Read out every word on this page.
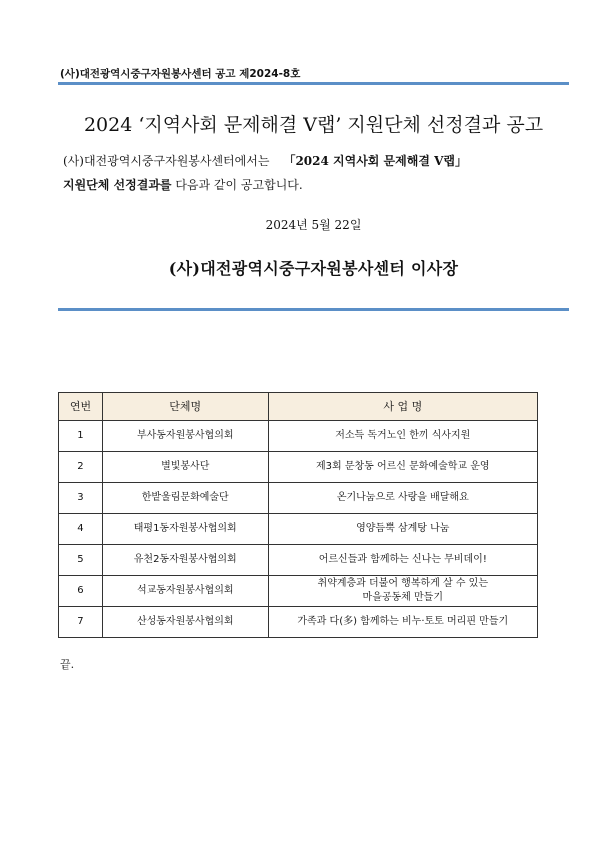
(사)대전광역시중구자원봉사센터 공고 제2024-8호
2024 ‘지역사회 문제해결 V랩’ 지원단체 선정결과 공고
(사)대전광역시중구자원봉사센터에서는 「2024 지역사회 문제해결 V랩」
지원단체 선정결과를 다음과 같이 공고합니다.
2024년 5월 22일
(사)대전광역시중구자원봉사센터 이사장
연번	단체명	사 업 명
1	부사동자원봉사협의회	저소득 독거노인 한끼 식사지원
2	별빛봉사단	제3회 문창동 어르신 문화예술학교 운영
3	한밭울림문화예술단	온기나눔으로 사랑을 배달해요
4	태평1동자원봉사협의회	영양듬뿍 삼계탕 나눔
5	유천2동자원봉사협의회	어르신들과 함께하는 신나는 무비데이!
6	석교동자원봉사협의회	취약계층과 더불어 행복하게 살 수 있는
마을공동체 만들기

7	산성동자원봉사협의회	가족과 다(多) 함께하는 비누·토토 머리핀 만들기
끝.
